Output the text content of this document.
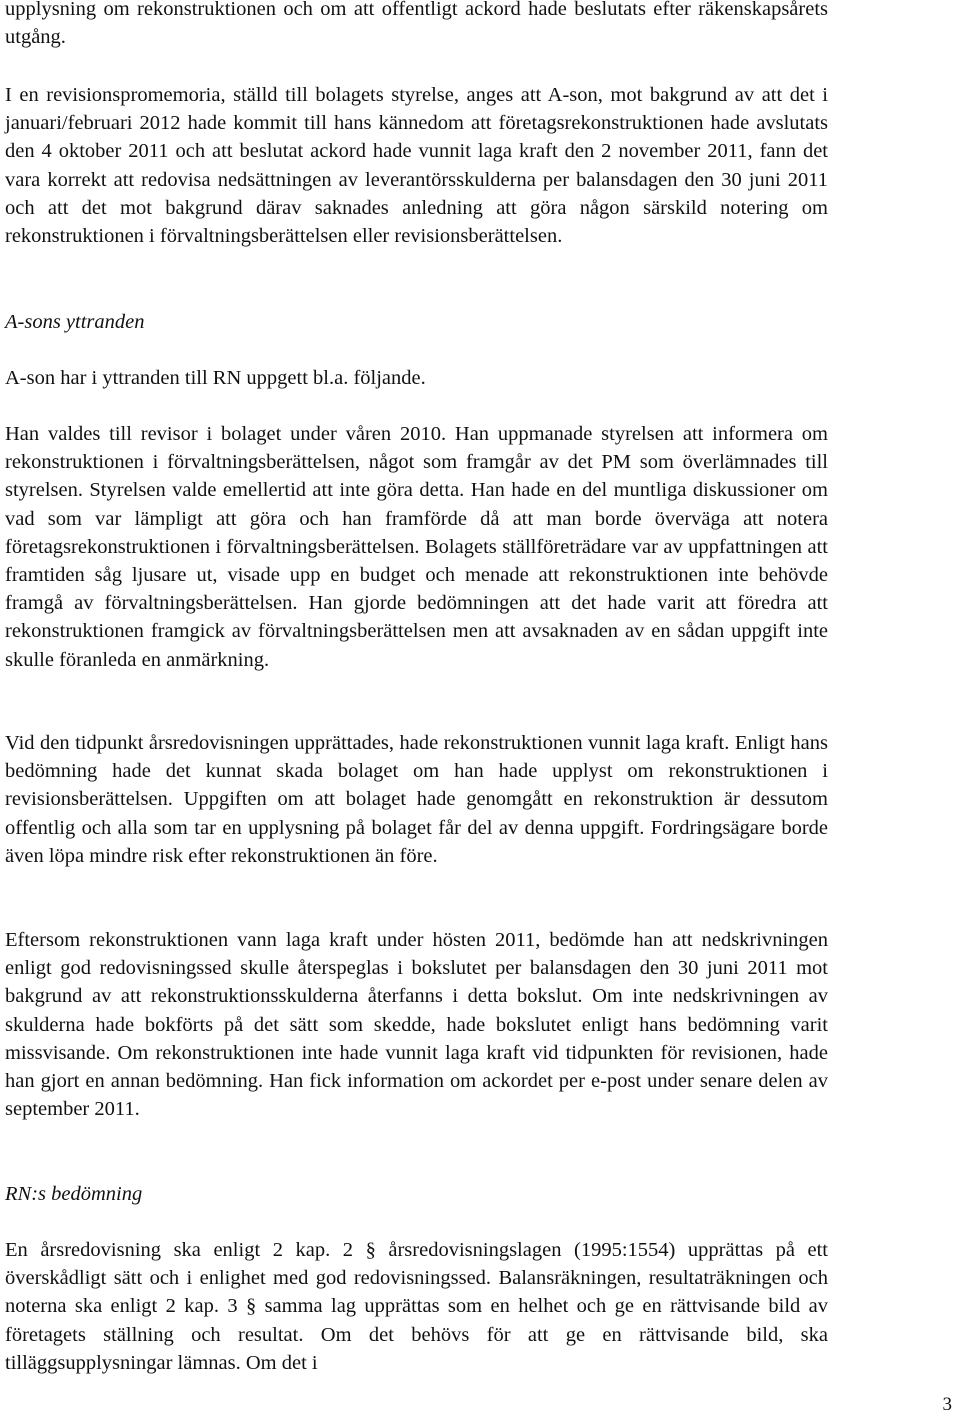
upplysning om rekonstruktionen och om att offentligt ackord hade beslutats efter räkenskapsårets utgång.

I en revisionspromemoria, ställd till bolagets styrelse, anges att A-son, mot bakgrund av att det i januari/februari 2012 hade kommit till hans kännedom att företagsrekonstruktionen hade avslutats den 4 oktober 2011 och att beslutat ackord hade vunnit laga kraft den 2 november 2011, fann det vara korrekt att redovisa nedsättningen av leverantörsskulderna per balansdagen den 30 juni 2011 och att det mot bakgrund därav saknades anledning att göra någon särskild notering om rekonstruktionen i förvaltningsberättelsen eller revisionsberättelsen.

A-sons yttranden

A-son har i yttranden till RN uppgett bl.a. följande.

Han valdes till revisor i bolaget under våren 2010. Han uppmanade styrelsen att informera om rekonstruktionen i förvaltningsberättelsen, något som framgår av det PM som överlämnades till styrelsen. Styrelsen valde emellertid att inte göra detta. Han hade en del muntliga diskussioner om vad som var lämpligt att göra och han framförde då att man borde överväga att notera företagsrekonstruktionen i förvaltningsberättelsen. Bolagets ställföreträdare var av uppfattningen att framtiden såg ljusare ut, visade upp en budget och menade att rekonstruktionen inte behövde framgå av förvaltningsberättelsen. Han gjorde bedömningen att det hade varit att föredra att rekonstruktionen framgick av förvaltningsberättelsen men att avsaknaden av en sådan uppgift inte skulle föranleda en anmärkning.

Vid den tidpunkt årsredovisningen upprättades, hade rekonstruktionen vunnit laga kraft. Enligt hans bedömning hade det kunnat skada bolaget om han hade upplyst om rekonstruktionen i revisionsberättelsen. Uppgiften om att bolaget hade genomgått en rekonstruktion är dessutom offentlig och alla som tar en upplysning på bolaget får del av denna uppgift. Fordringsägare borde även löpa mindre risk efter rekonstruktionen än före.

Eftersom rekonstruktionen vann laga kraft under hösten 2011, bedömde han att nedskrivningen enligt god redovisningssed skulle återspeglas i bokslutet per balansdagen den 30 juni 2011 mot bakgrund av att rekonstruktionsskulderna återfanns i detta bokslut. Om inte nedskrivningen av skulderna hade bokförts på det sätt som skedde, hade bokslutet enligt hans bedömning varit missvisande. Om rekonstruktionen inte hade vunnit laga kraft vid tidpunkten för revisionen, hade han gjort en annan bedömning. Han fick information om ackordet per e-post under senare delen av september 2011.

RN:s bedömning

En årsredovisning ska enligt 2 kap. 2 § årsredovisningslagen (1995:1554) upprättas på ett överskådligt sätt och i enlighet med god redovisningssed. Balansräkningen, resultaträkningen och noterna ska enligt 2 kap. 3 § samma lag upprättas som en helhet och ge en rättvisande bild av företagets ställning och resultat. Om det behövs för att ge en rättvisande bild, ska tilläggsupplysningar lämnas. Om det i

3
